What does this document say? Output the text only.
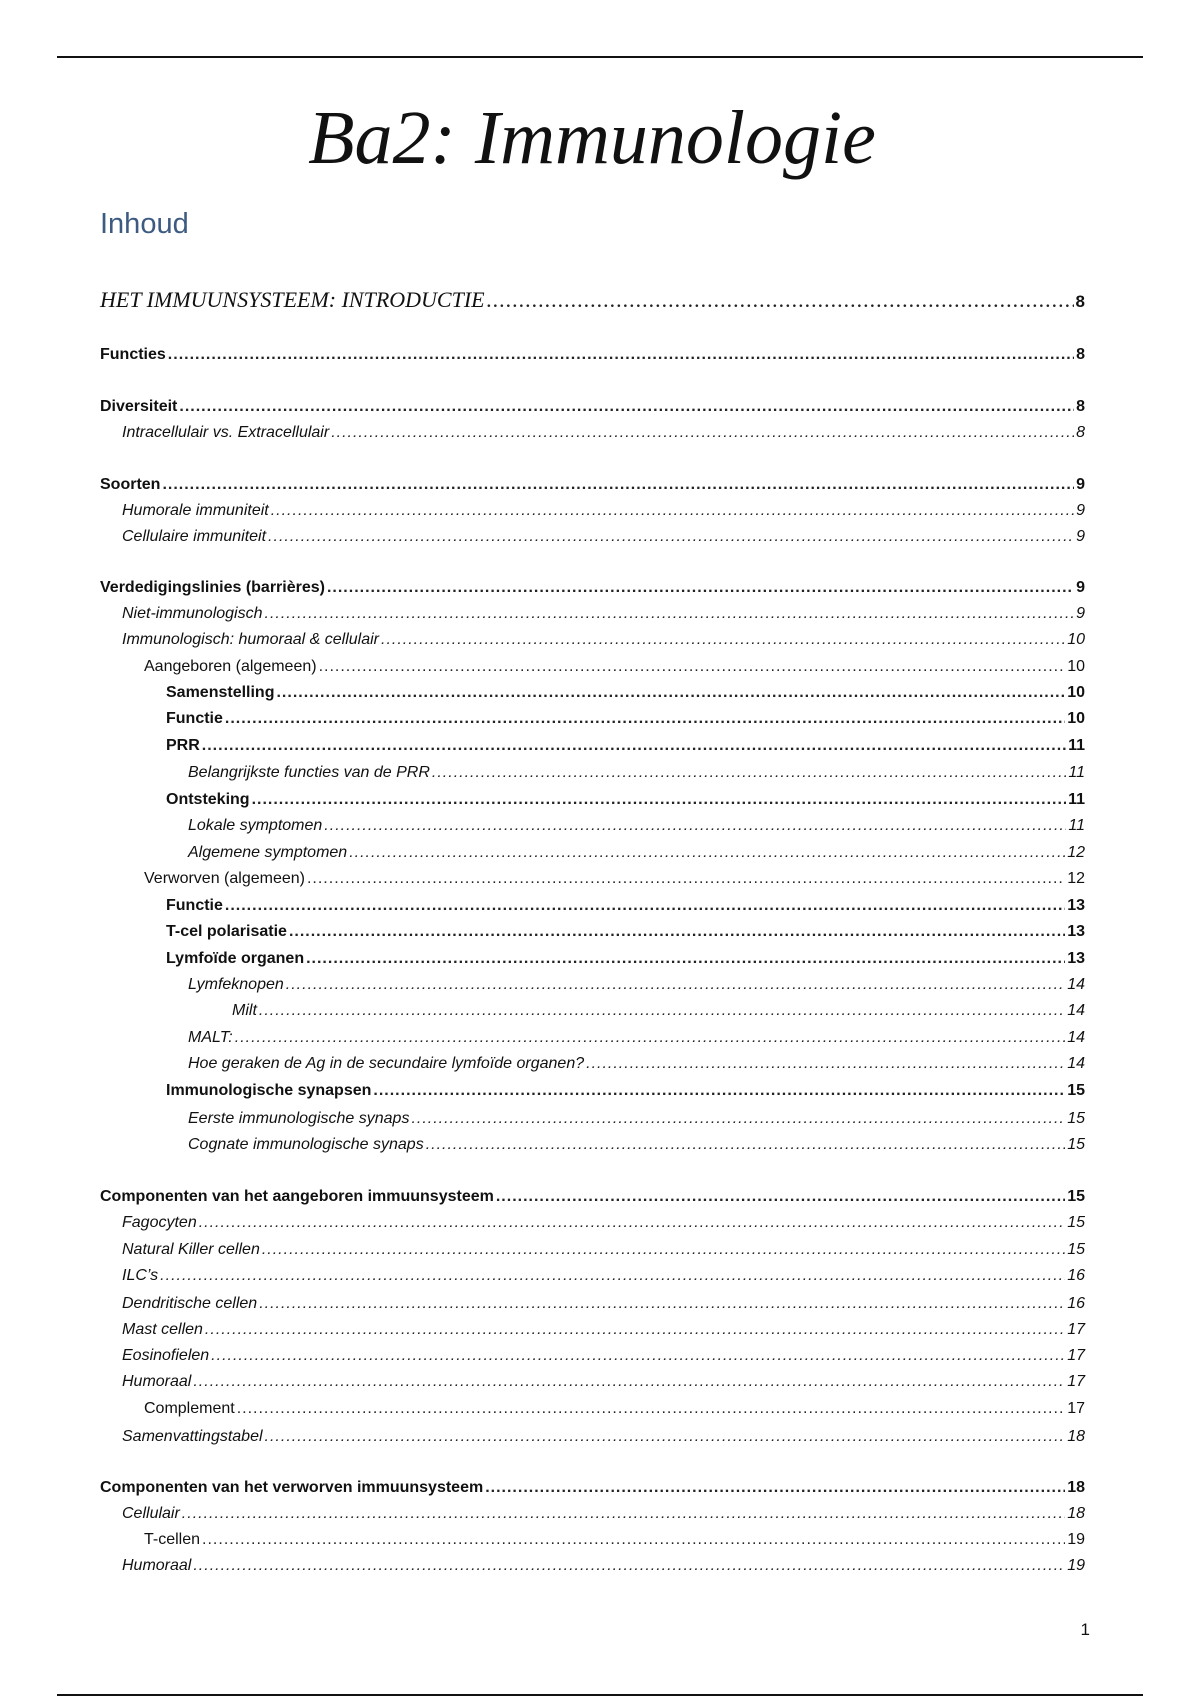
Ba2: Immunologie
Inhoud
HET IMMUUNSYSTEEM: INTRODUCTIE .....	8
Functies .....	8
Diversiteit .....	8
Intracellulair vs. Extracellulair .....	8
Soorten .....	9
Humorale immuniteit .....	9
Cellulaire immuniteit .....	9
Verdedigingslinies (barrières) .....	9
Niet-immunologisch .....	9
Immunologisch: humoraal & cellulair .....	10
Aangeboren (algemeen) .....	10
Samenstelling .....	10
Functie .....	10
PRR .....	11
Belangrijkste functies van de PRR .....	11
Ontsteking .....	11
Lokale symptomen .....	11
Algemene symptomen .....	12
Verworven (algemeen) .....	12
Functie .....	13
T-cel polarisatie .....	13
Lymfoïde organen .....	13
Lymfeknopen .....	14
Milt .....	14
MALT: .....	14
Hoe geraken de Ag in de secundaire lymfoïde organen? .....	14
Immunologische synapsen .....	15
Eerste immunologische synaps .....	15
Cognate immunologische synaps .....	15
Componenten van het aangeboren immuunsysteem .....	15
Fagocyten .....	15
Natural Killer cellen .....	15
ILC’s .....	16
Dendritische cellen .....	16
Mast cellen .....	17
Eosinofielen .....	17
Humoraal .....	17
Complement .....	17
Samenvattingstabel .....	18
Componenten van het verworven immuunsysteem .....	18
Cellulair .....	18
T-cellen .....	19
Humoraal .....	19
1
